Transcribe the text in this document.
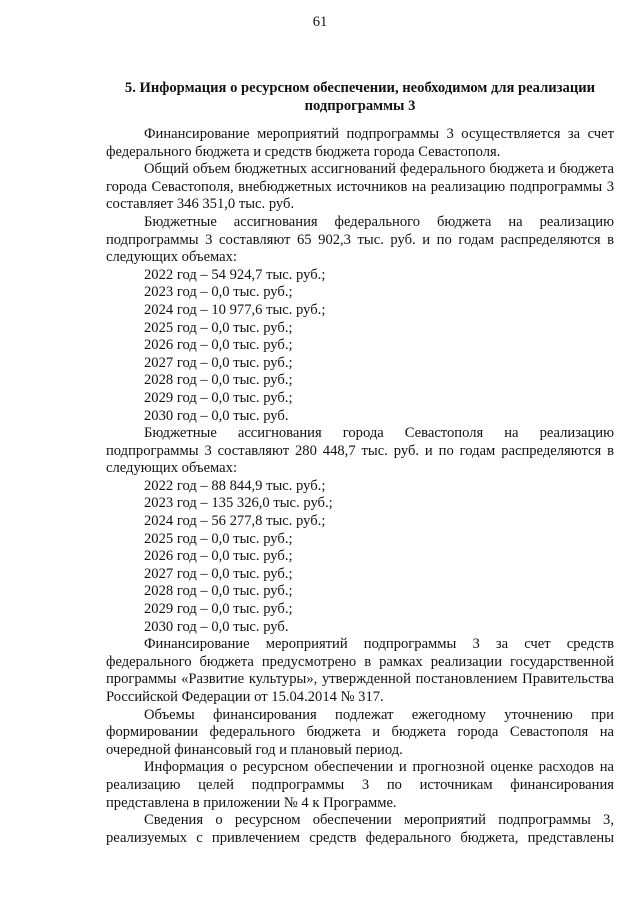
61
5. Информация о ресурсном обеспечении, необходимом для реализации подпрограммы 3

Финансирование мероприятий подпрограммы 3 осуществляется за счет федерального бюджета и средств бюджета города Севастополя.

Общий объем бюджетных ассигнований федерального бюджета и бюджета города Севастополя, внебюджетных источников на реализацию подпрограммы 3 составляет 346 351,0 тыс. руб.

Бюджетные ассигнования федерального бюджета на реализацию подпрограммы 3 составляют 65 902,3 тыс. руб. и по годам распределяются в следующих объемах:

2022 год – 54 924,7 тыс. руб.;
2023 год – 0,0 тыс. руб.;
2024 год – 10 977,6 тыс. руб.;
2025 год – 0,0 тыс. руб.;
2026 год – 0,0 тыс. руб.;
2027 год – 0,0 тыс. руб.;
2028 год – 0,0 тыс. руб.;
2029 год – 0,0 тыс. руб.;
2030 год – 0,0 тыс. руб.

Бюджетные ассигнования города Севастополя на реализацию подпрограммы 3 составляют 280 448,7 тыс. руб. и по годам распределяются в следующих объемах:

2022 год – 88 844,9 тыс. руб.;
2023 год – 135 326,0 тыс. руб.;
2024 год – 56 277,8 тыс. руб.;
2025 год – 0,0 тыс. руб.;
2026 год – 0,0 тыс. руб.;
2027 год – 0,0 тыс. руб.;
2028 год – 0,0 тыс. руб.;
2029 год – 0,0 тыс. руб.;
2030 год – 0,0 тыс. руб.

Финансирование мероприятий подпрограммы 3 за счет средств федерального бюджета предусмотрено в рамках реализации государственной программы «Развитие культуры», утвержденной постановлением Правительства Российской Федерации от 15.04.2014 № 317.

Объемы финансирования подлежат ежегодному уточнению при формировании федерального бюджета и бюджета города Севастополя на очередной финансовый год и плановый период.

Информация о ресурсном обеспечении и прогнозной оценке расходов на реализацию целей подпрограммы 3 по источникам финансирования представлена в приложении № 4 к Программе.

Сведения о ресурсном обеспечении мероприятий подпрограммы 3, реализуемых с привлечением средств федерального бюджета, представлены
